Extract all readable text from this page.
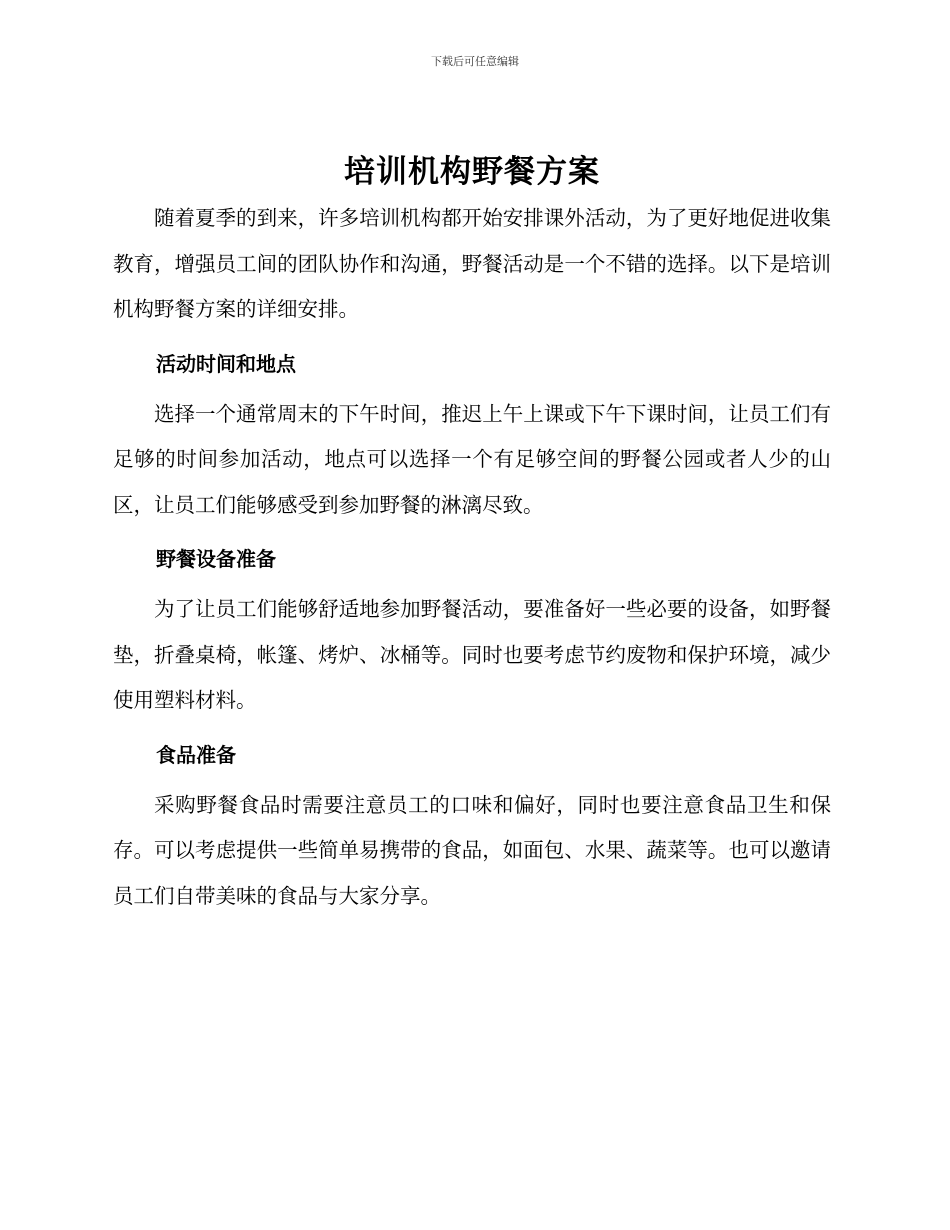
下载后可任意编辑
培训机构野餐方案

随着夏季的到来，许多培训机构都开始安排课外活动，为了更好地促进收集教育，增强员工间的团队协作和沟通，野餐活动是一个不错的选择。以下是培训机构野餐方案的详细安排。

活动时间和地点

选择一个通常周末的下午时间，推迟上午上课或下午下课时间，让员工们有足够的时间参加活动，地点可以选择一个有足够空间的野餐公园或者人少的山区，让员工们能够感受到参加野餐的淋漓尽致。

野餐设备准备

为了让员工们能够舒适地参加野餐活动，要准备好一些必要的设备，如野餐垫，折叠桌椅，帐篷、烤炉、冰桶等。同时也要考虑节约废物和保护环境，减少使用塑料材料。

食品准备

采购野餐食品时需要注意员工的口味和偏好，同时也要注意食品卫生和保存。可以考虑提供一些简单易携带的食品，如面包、水果、蔬菜等。也可以邀请员工们自带美味的食品与大家分享。
